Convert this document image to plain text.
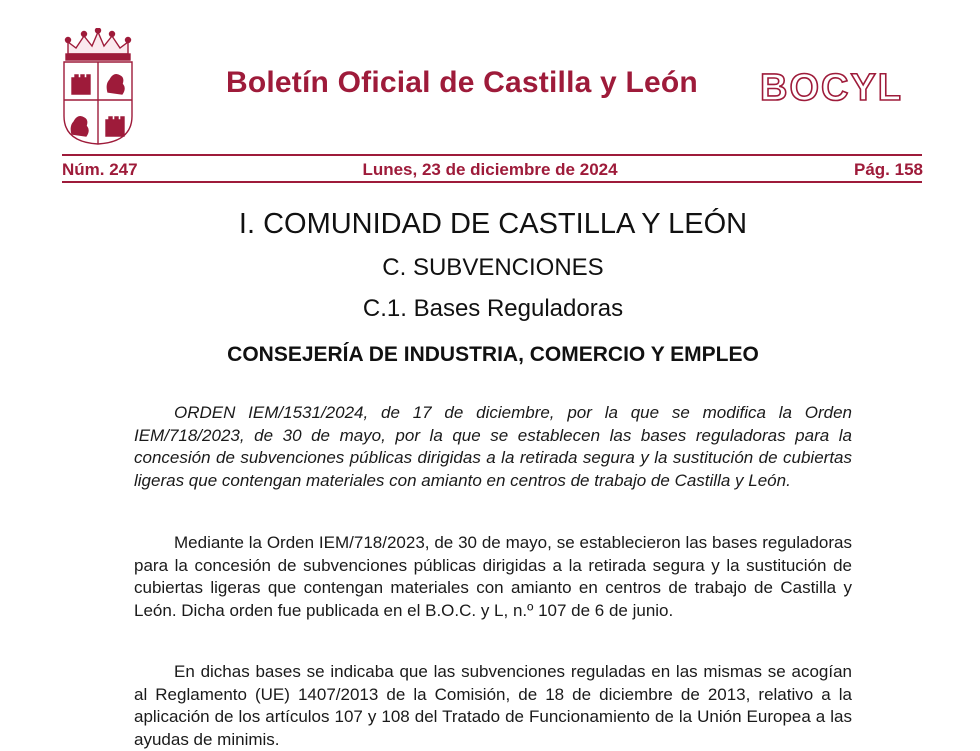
Boletín Oficial de Castilla y León BOCYL
Núm. 247	Lunes, 23 de diciembre de 2024	Pág. 158
I. COMUNIDAD DE CASTILLA Y LEÓN
C. SUBVENCIONES
C.1. Bases Reguladoras
CONSEJERÍA DE INDUSTRIA, COMERCIO Y EMPLEO

ORDEN IEM/1531/2024, de 17 de diciembre, por la que se modifica la Orden IEM/718/2023, de 30 de mayo, por la que se establecen las bases reguladoras para la concesión de subvenciones públicas dirigidas a la retirada segura y la sustitución de cubiertas ligeras que contengan materiales con amianto en centros de trabajo de Castilla y León.

Mediante la Orden IEM/718/2023, de 30 de mayo, se establecieron las bases reguladoras para la concesión de subvenciones públicas dirigidas a la retirada segura y la sustitución de cubiertas ligeras que contengan materiales con amianto en centros de trabajo de Castilla y León. Dicha orden fue publicada en el B.O.C. y L, n.º 107 de 6 de junio.

En dichas bases se indicaba que las subvenciones reguladas en las mismas se acogían al Reglamento (UE) 1407/2013 de la Comisión, de 18 de diciembre de 2013, relativo a la aplicación de los artículos 107 y 108 del Tratado de Funcionamiento de la Unión Europea a las ayudas de minimis.
